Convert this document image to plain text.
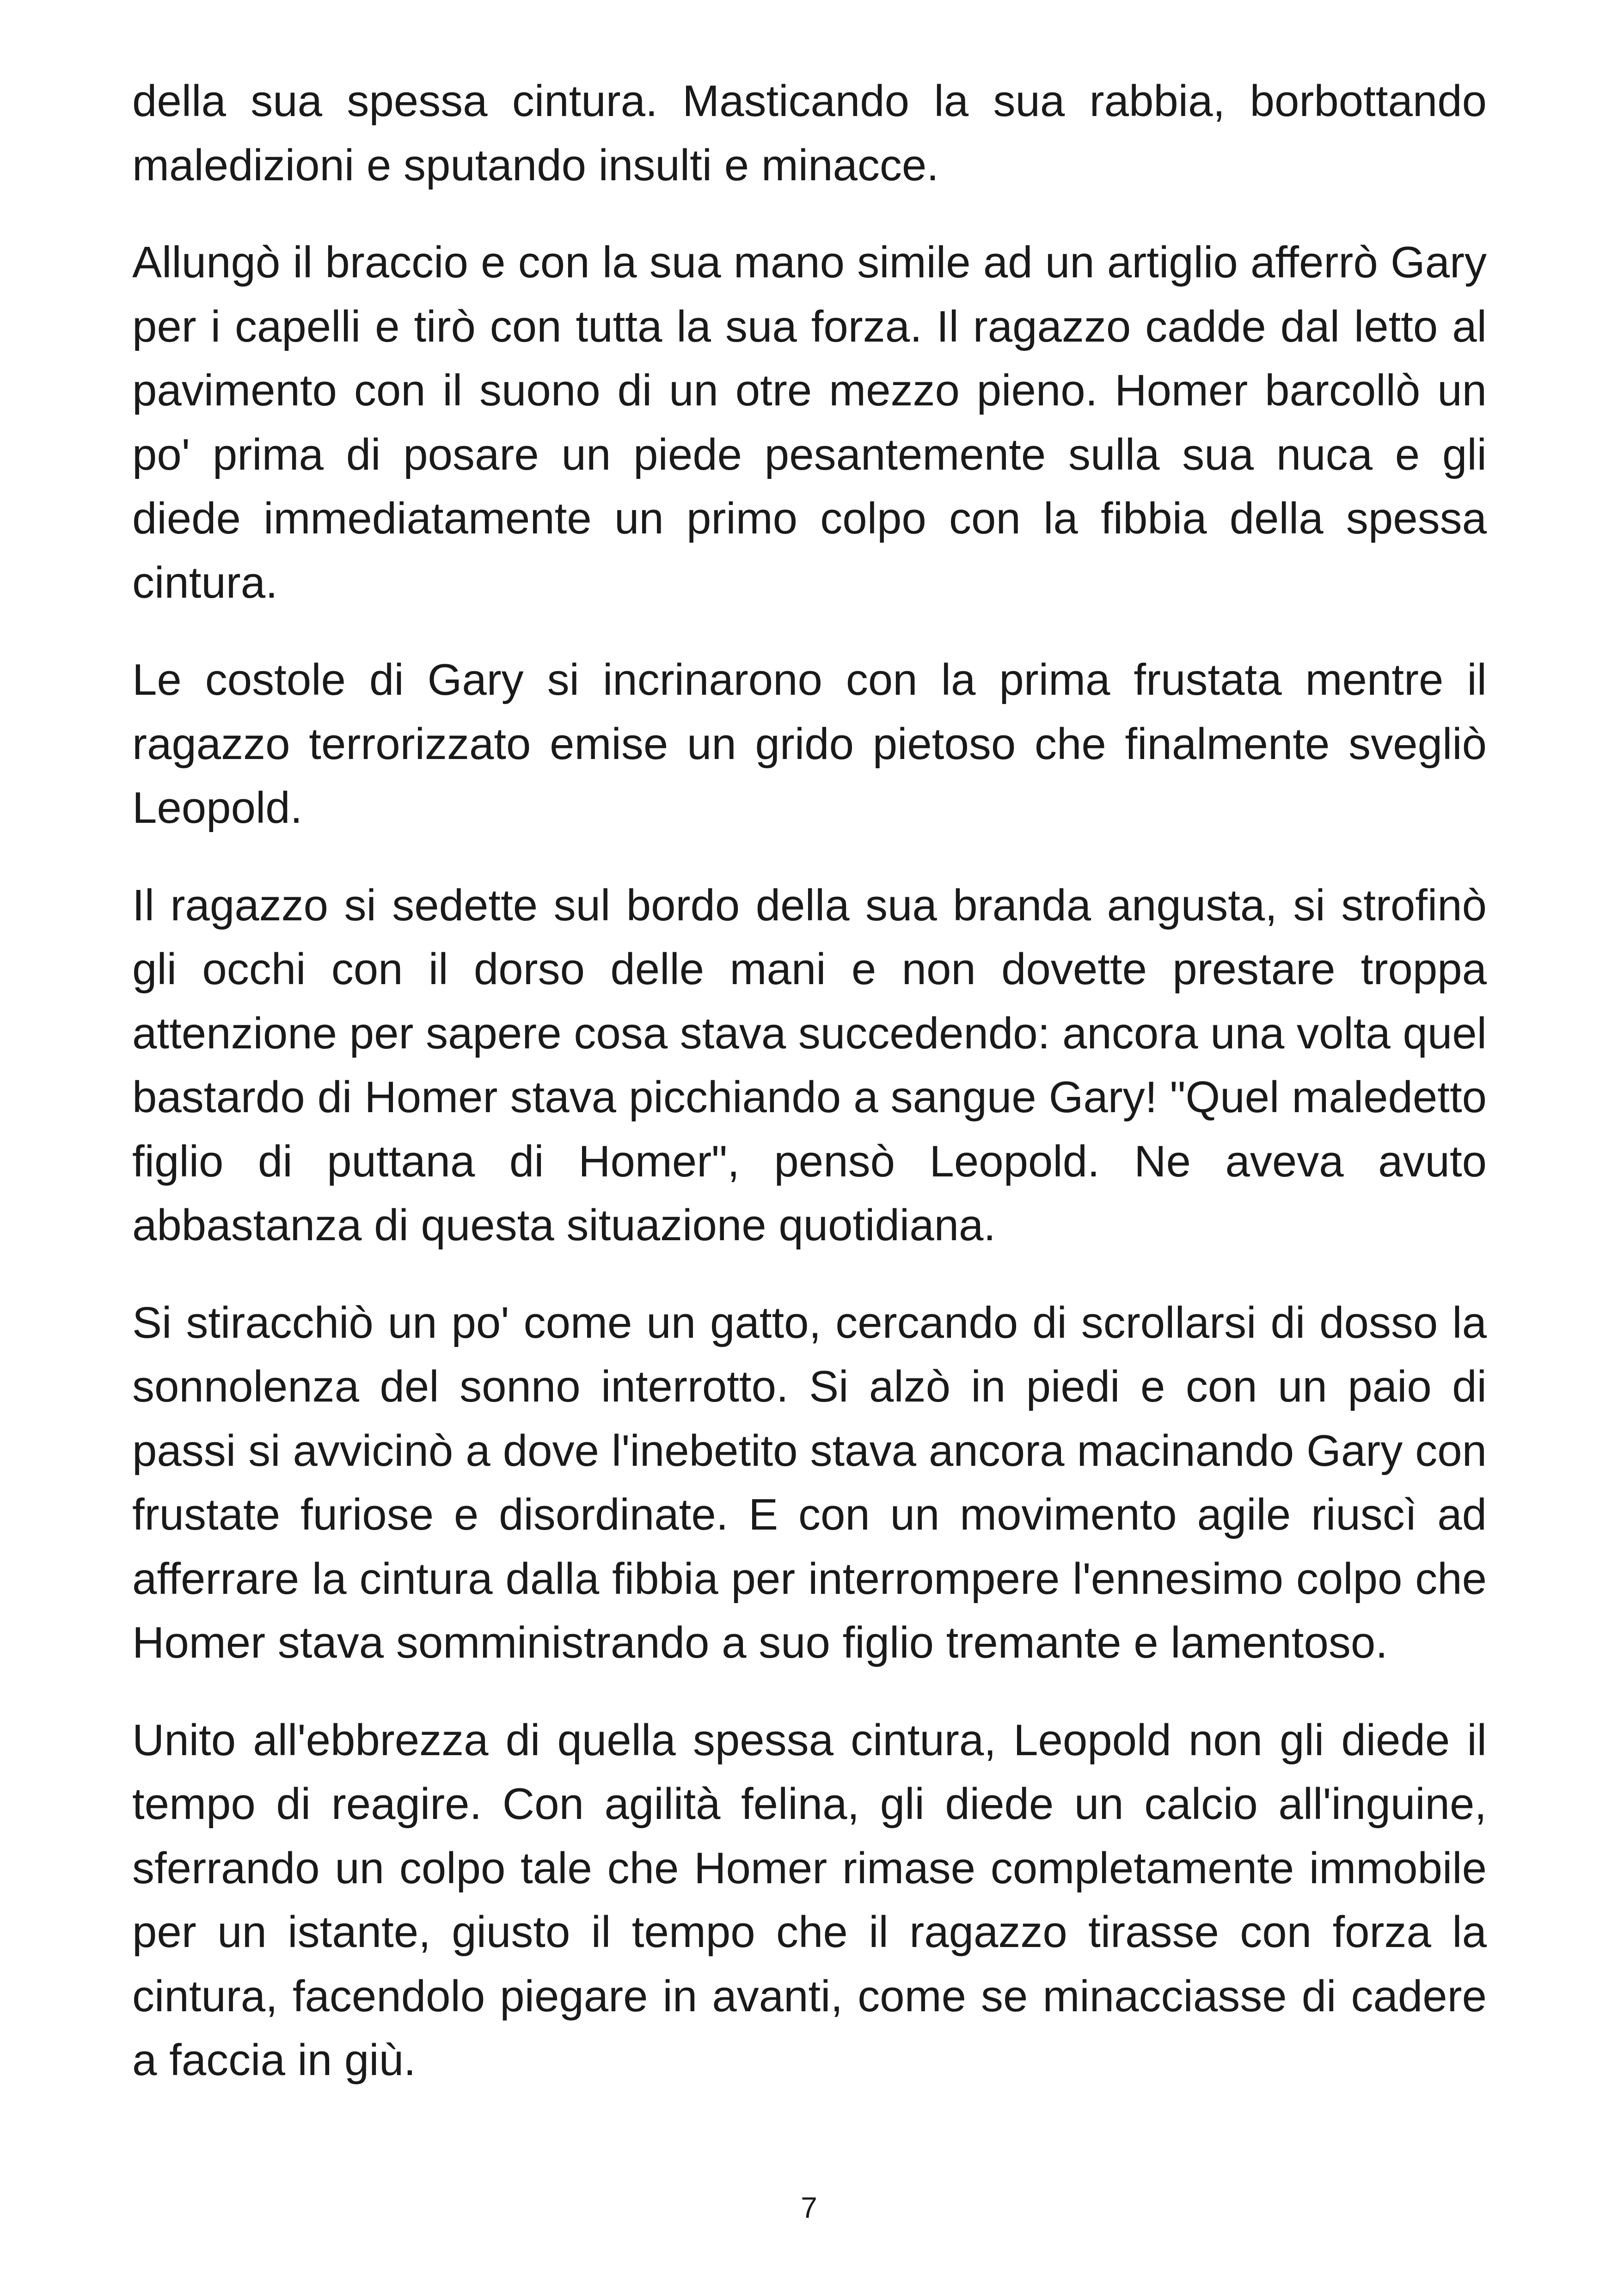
della sua spessa cintura. Masticando la sua rabbia, borbottando maledizioni e sputando insulti e minacce.

Allungò il braccio e con la sua mano simile ad un artiglio afferrò Gary per i capelli e tirò con tutta la sua forza. Il ragazzo cadde dal letto al pavimento con il suono di un otre mezzo pieno. Homer barcollò un po' prima di posare un piede pesantemente sulla sua nuca e gli diede immediatamente un primo colpo con la fibbia della spessa cintura.

Le costole di Gary si incrinarono con la prima frustata mentre il ragazzo terrorizzato emise un grido pietoso che finalmente svegliò Leopold.

Il ragazzo si sedette sul bordo della sua branda angusta, si strofinò gli occhi con il dorso delle mani e non dovette prestare troppa attenzione per sapere cosa stava succedendo: ancora una volta quel bastardo di Homer stava picchiando a sangue Gary! "Quel maledetto figlio di puttana di Homer", pensò Leopold. Ne aveva avuto abbastanza di questa situazione quotidiana.

Si stiracchiò un po' come un gatto, cercando di scrollarsi di dosso la sonnolenza del sonno interrotto. Si alzò in piedi e con un paio di passi si avvicinò a dove l'inebetito stava ancora macinando Gary con frustate furiose e disordinate. E con un movimento agile riuscì ad afferrare la cintura dalla fibbia per interrompere l'ennesimo colpo che Homer stava somministrando a suo figlio tremante e lamentoso.

Unito all'ebbrezza di quella spessa cintura, Leopold non gli diede il tempo di reagire. Con agilità felina, gli diede un calcio all'inguine, sferrando un colpo tale che Homer rimase completamente immobile per un istante, giusto il tempo che il ragazzo tirasse con forza la cintura, facendolo piegare in avanti, come se minacciasse di cadere a faccia in giù.

7
